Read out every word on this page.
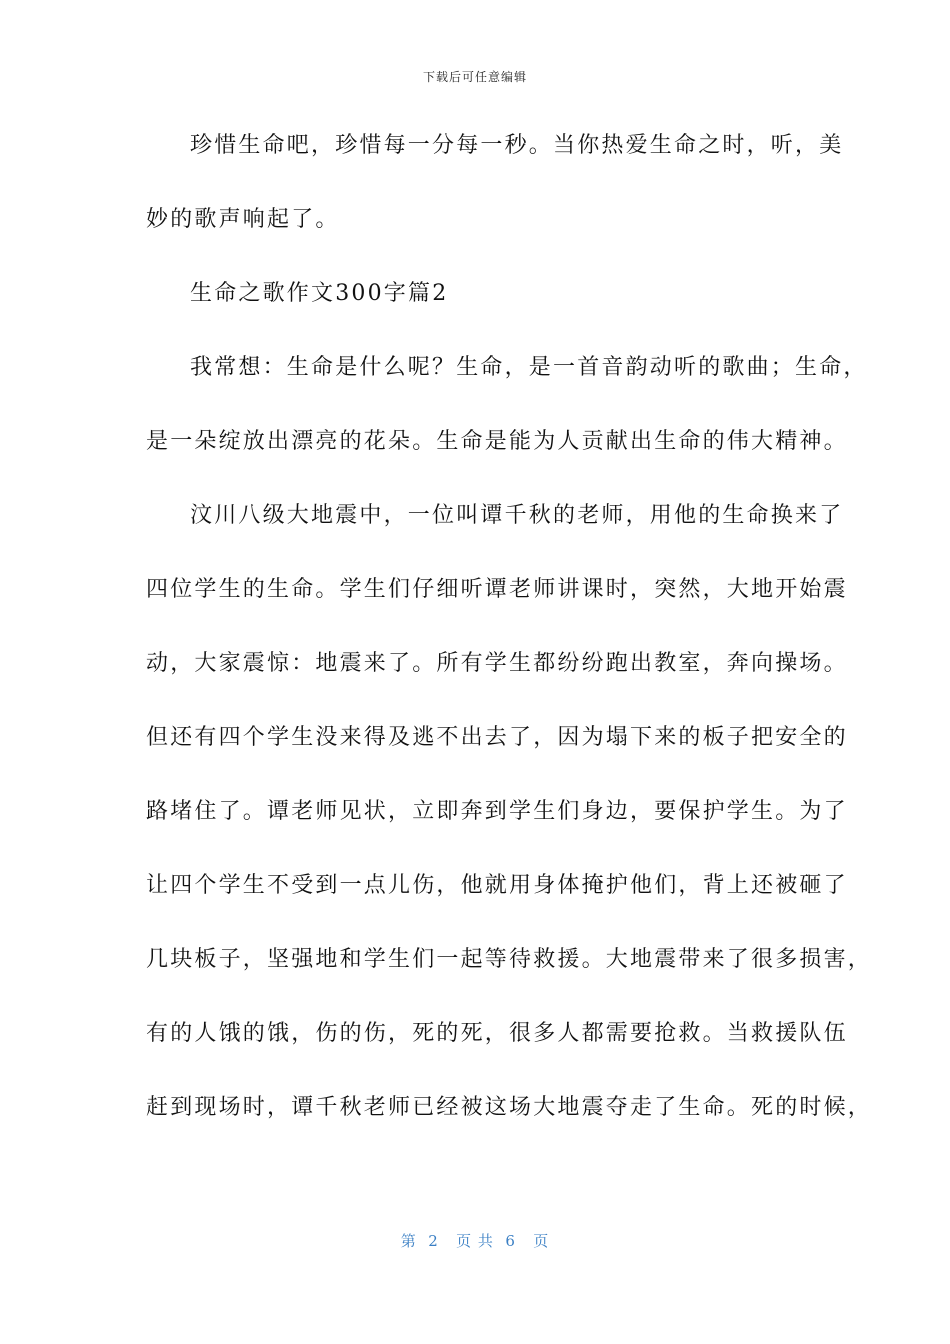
下载后可任意编辑
珍惜生命吧，珍惜每一分每一秒。当你热爱生命之时，听，美
妙的歌声响起了。
生命之歌作文300字篇2
我常想：生命是什么呢？生命，是一首音韵动听的歌曲；生命，
是一朵绽放出漂亮的花朵。生命是能为人贡献出生命的伟大精神。
汶川八级大地震中，一位叫谭千秋的老师，用他的生命换来了
四位学生的生命。学生们仔细听谭老师讲课时，突然，大地开始震
动，大家震惊：地震来了。所有学生都纷纷跑出教室，奔向操场。
但还有四个学生没来得及逃不出去了，因为塌下来的板子把安全的
路堵住了。谭老师见状，立即奔到学生们身边，要保护学生。为了
让四个学生不受到一点儿伤，他就用身体掩护他们，背上还被砸了
几块板子，坚强地和学生们一起等待救援。大地震带来了很多损害，
有的人饿的饿，伤的伤，死的死，很多人都需要抢救。当救援队伍
赶到现场时，谭千秋老师已经被这场大地震夺走了生命。死的时候，
第  2   页 共  6   页
